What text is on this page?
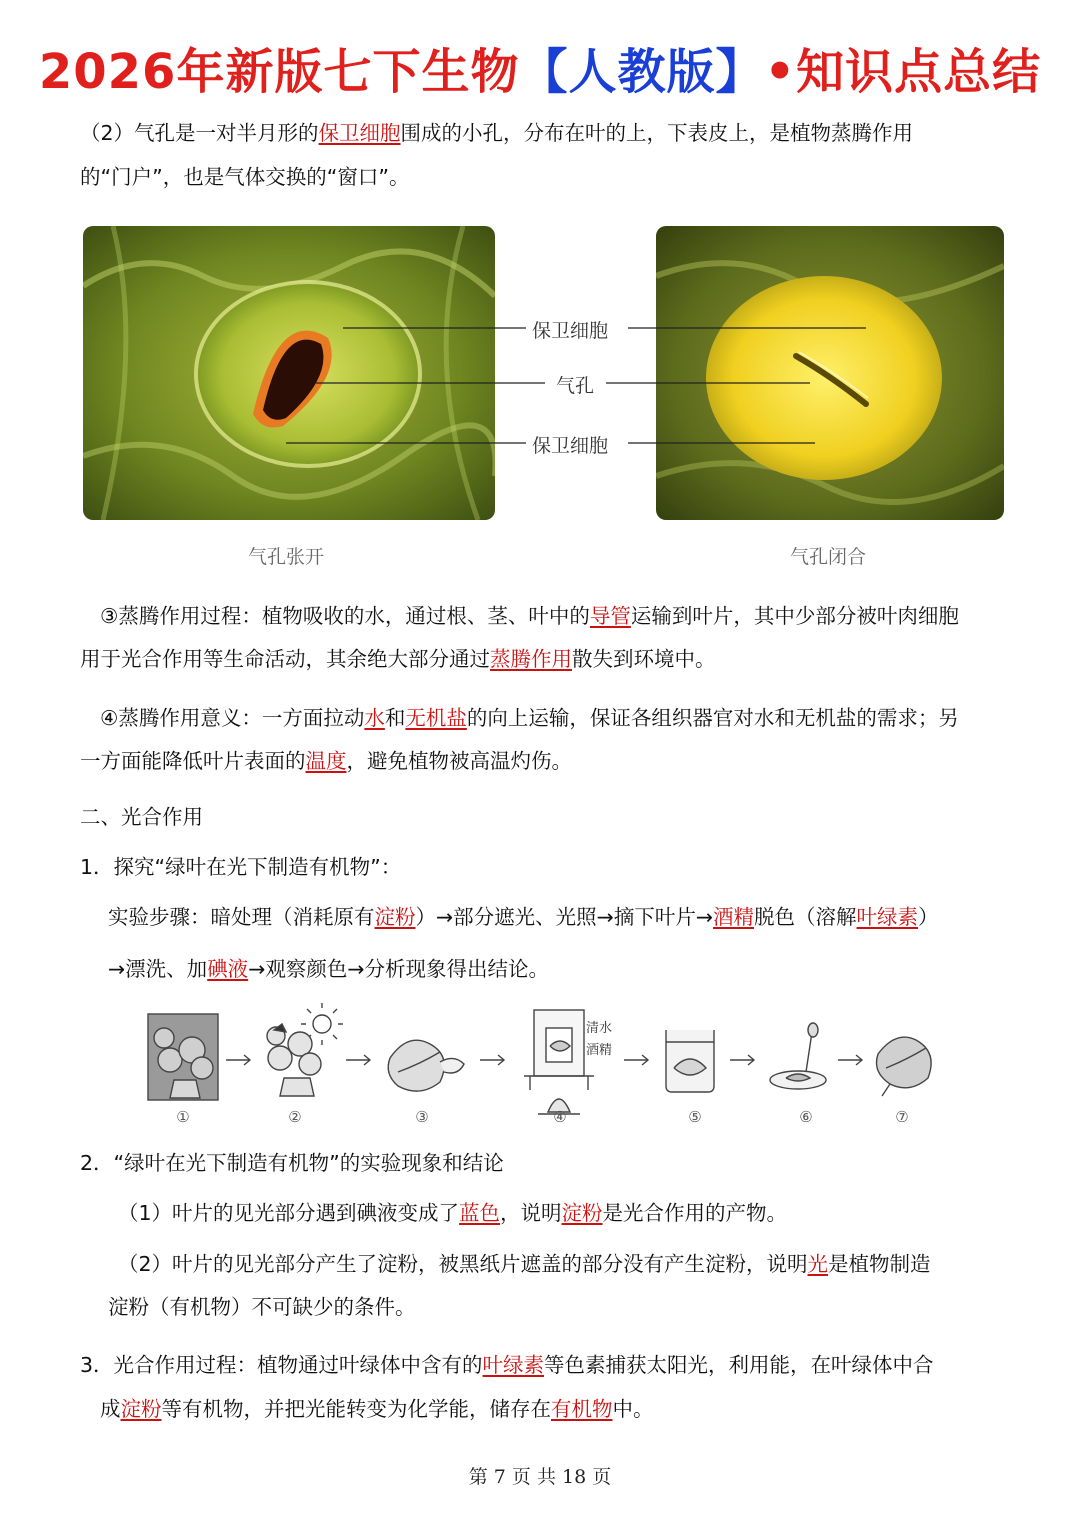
2026年新版七下生物【人教版】•知识点总结
（2）气孔是一对半月形的保卫细胞围成的小孔，分布在叶的上，下表皮上，是植物蒸腾作用
的“门户”，也是气体交换的“窗口”。
保卫细胞
气孔
保卫细胞
气孔张开	气孔闭合
③蒸腾作用过程：植物吸收的水，通过根、茎、叶中的导管运输到叶片，其中少部分被叶肉细胞
用于光合作用等生命活动，其余绝大部分通过蒸腾作用散失到环境中。
④蒸腾作用意义：一方面拉动水和无机盐的向上运输，保证各组织器官对水和无机盐的需求；另
一方面能降低叶片表面的温度，避免植物被高温灼伤。
二、光合作用
1．探究“绿叶在光下制造有机物”：
实验步骤：暗处理（消耗原有淀粉）→部分遮光、光照→摘下叶片→酒精脱色（溶解叶绿素）
→漂洗、加碘液→观察颜色→分析现象得出结论。
清水
酒精
①	②	③	④	⑤	⑥	⑦
2．“绿叶在光下制造有机物”的实验现象和结论
（1）叶片的见光部分遇到碘液变成了蓝色，说明淀粉是光合作用的产物。
（2）叶片的见光部分产生了淀粉，被黑纸片遮盖的部分没有产生淀粉，说明光是植物制造
淀粉（有机物）不可缺少的条件。
3．光合作用过程：植物通过叶绿体中含有的叶绿素等色素捕获太阳光，利用能，在叶绿体中合
成淀粉等有机物，并把光能转变为化学能，储存在有机物中。
第 7 页 共 18 页
